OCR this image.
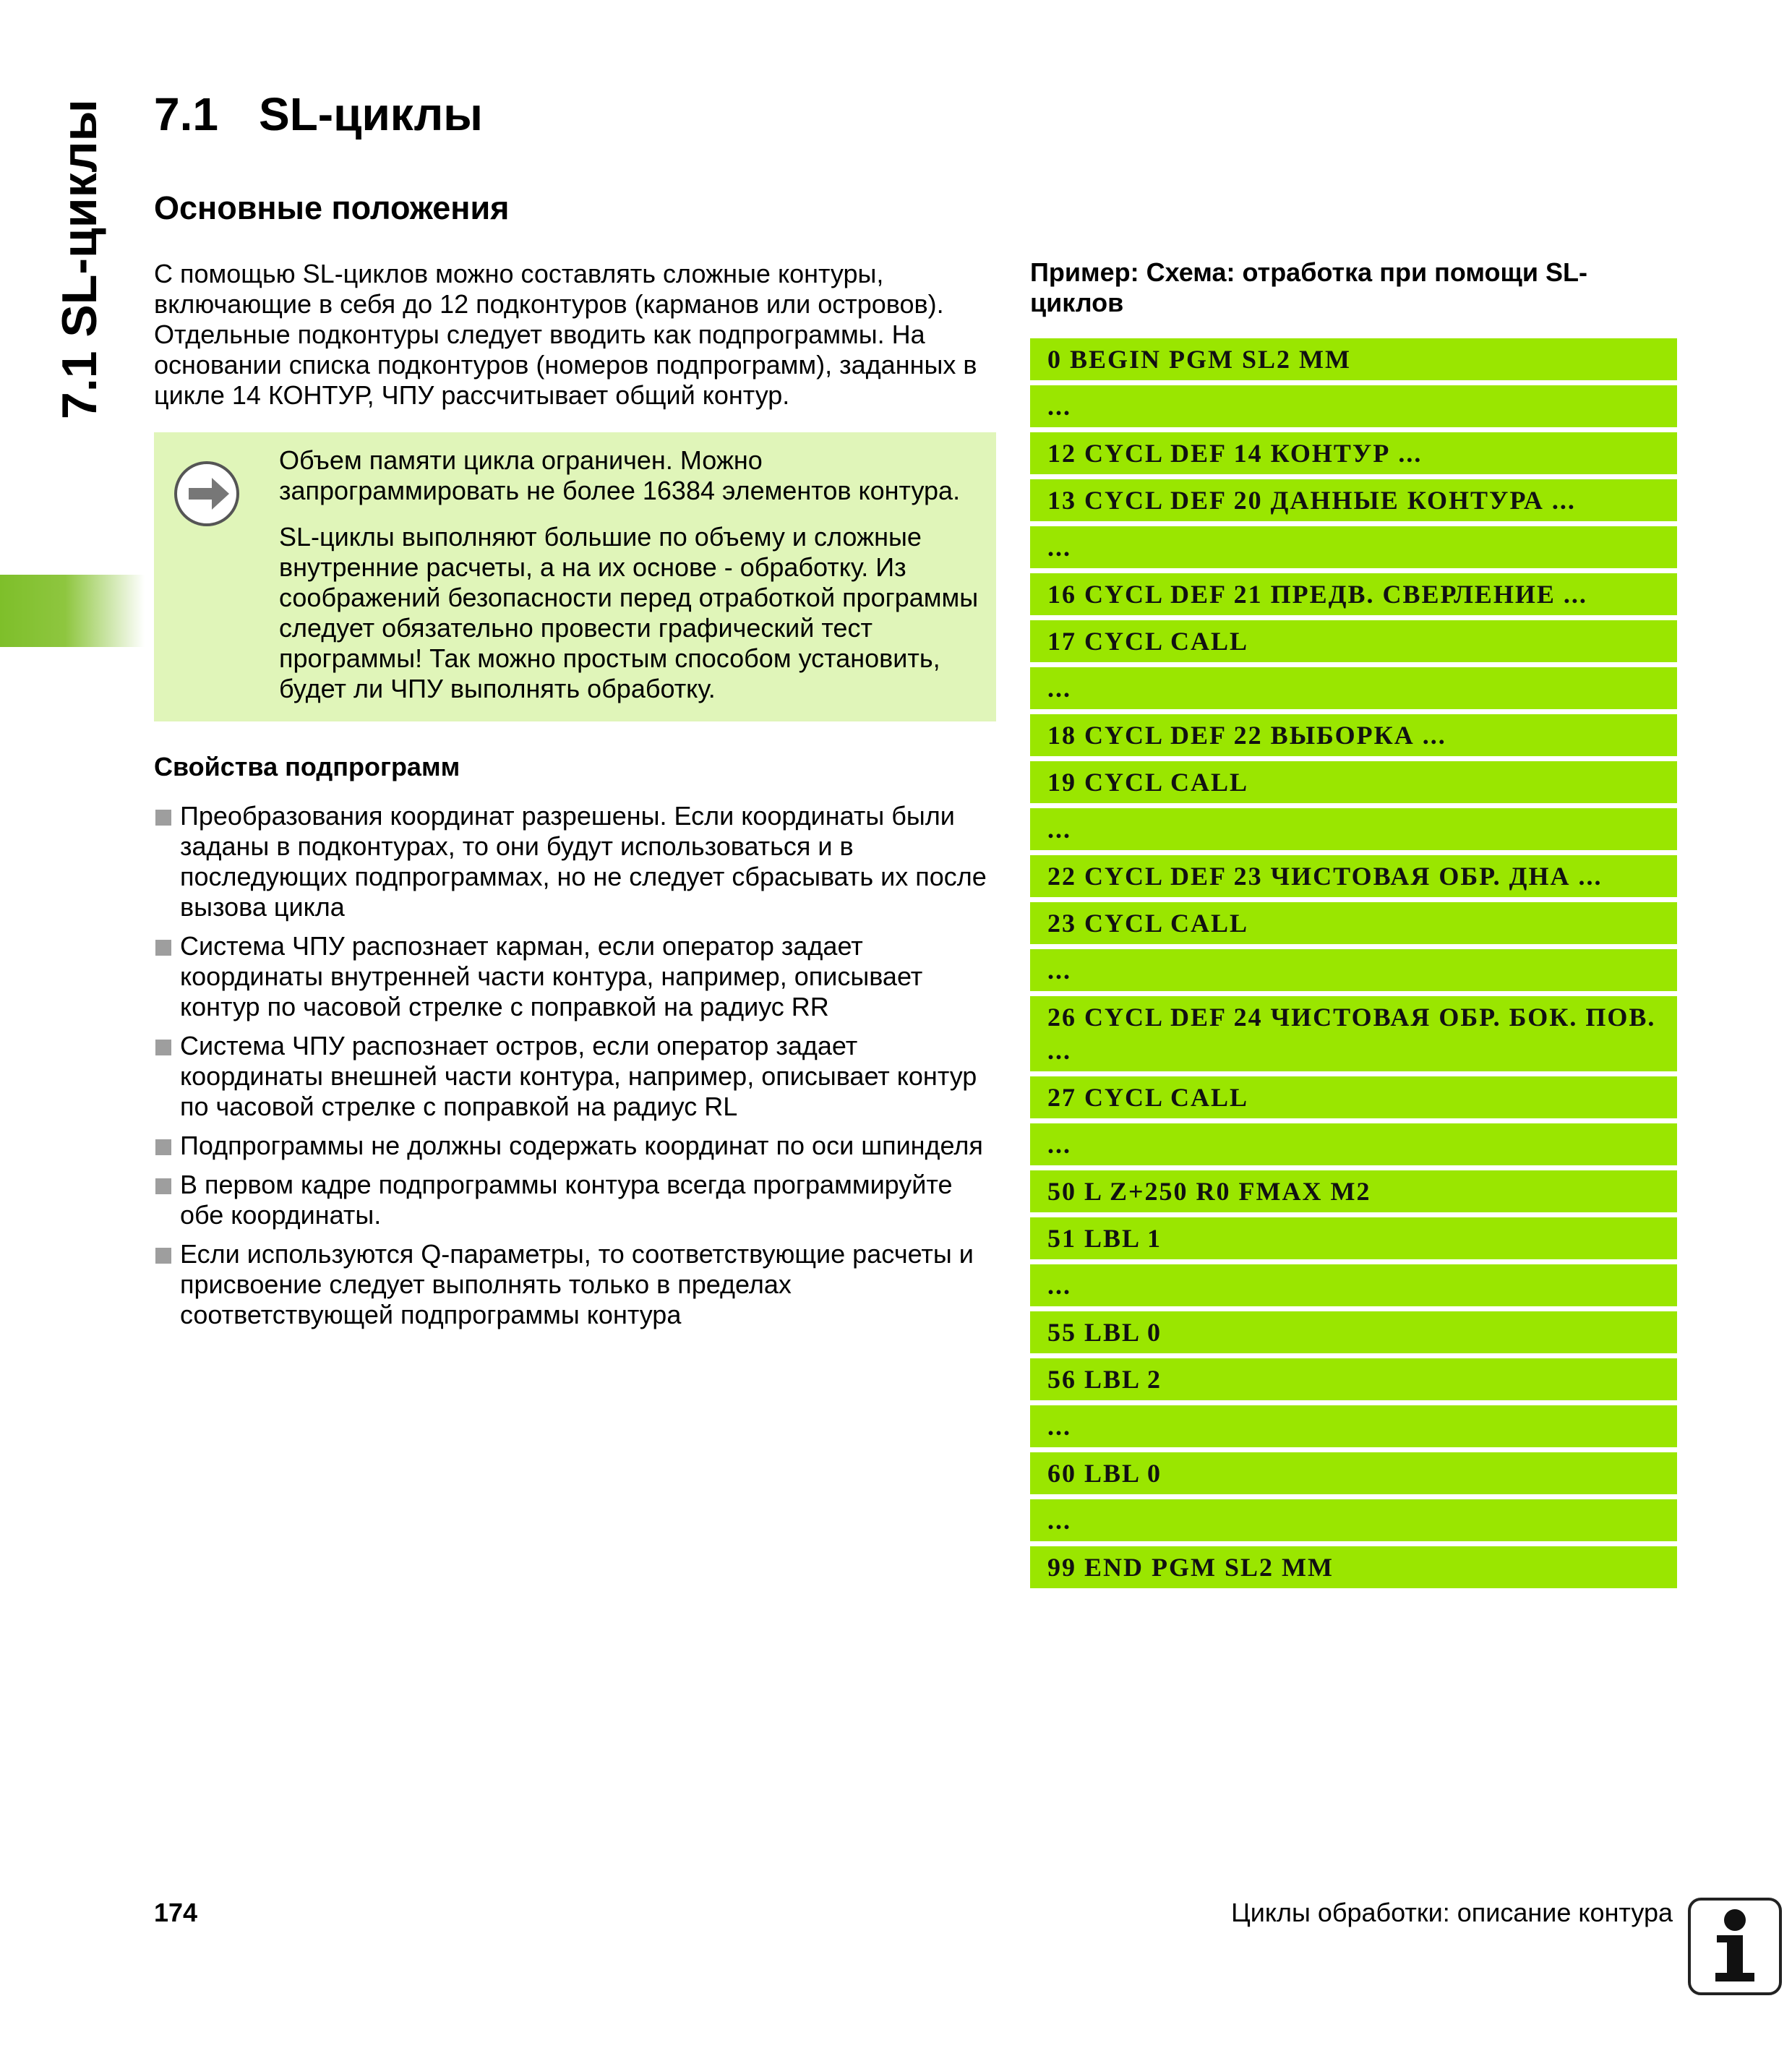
7.1 SL-циклы 7.1 SL-циклы
Основные положения

С помощью SL-циклов можно составлять сложные контуры, включающие в себя до 12 подконтуров (карманов или островов). Отдельные подконтуры следует вводить как подпрограммы. На основании списка подконтуров (номеров подпрограмм), заданных в цикле 14 КОНТУР, ЧПУ рассчитывает общий контур.

Объем памяти цикла ограничен. Можно запрограммировать не более 16384 элементов контура.

SL-циклы выполняют большие по объему и сложные внутренние расчеты, а на их основе - обработку. Из соображений безопасности перед отработкой программы следует обязательно провести графический тест программы! Так можно простым способом установить, будет ли ЧПУ выполнять обработку.

Свойства подпрограмм
Преобразования координат разрешены. Если координаты были заданы в подконтурах, то они будут использоваться и в последующих подпрограммах, но не следует сбрасывать их после вызова цикла
Система ЧПУ распознает карман, если оператор задает координаты внутренней части контура, например, описывает контур по часовой стрелке с поправкой на радиус RR
Система ЧПУ распознает остров, если оператор задает координаты внешней части контура, например, описывает контур по часовой стрелке с поправкой на радиус RL
Подпрограммы не должны содержать координат по оси шпинделя
В первом кадре подпрограммы контура всегда программируйте обе координаты.
Если используются Q-параметры, то соответствующие расчеты и присвоение следует выполнять только в пределах соответствующей подпрограммы контура
Пример: Схема: отработка при помощи SL-циклов
0 BEGIN PGM SL2 MM
...
12 CYCL DEF 14 КОНТУР ...
13 CYCL DEF 20 ДАННЫЕ КОНТУРА ...
...
16 CYCL DEF 21 ПРЕДВ. СВЕРЛЕНИЕ ...
17 CYCL CALL
...
18 CYCL DEF 22 ВЫБОРКА ...
19 CYCL CALL
...
22 CYCL DEF 23 ЧИСТОВАЯ ОБР. ДНА ...
23 CYCL CALL
...
26 CYCL DEF 24 ЧИСТОВАЯ ОБР. БОК. ПОВ. ...
27 CYCL CALL
...
50 L Z+250 R0 FMAX M2
51 LBL 1
...
55 LBL 0
56 LBL 2
...
60 LBL 0
...
99 END PGM SL2 MM
174	Циклы обработки: описание контура
